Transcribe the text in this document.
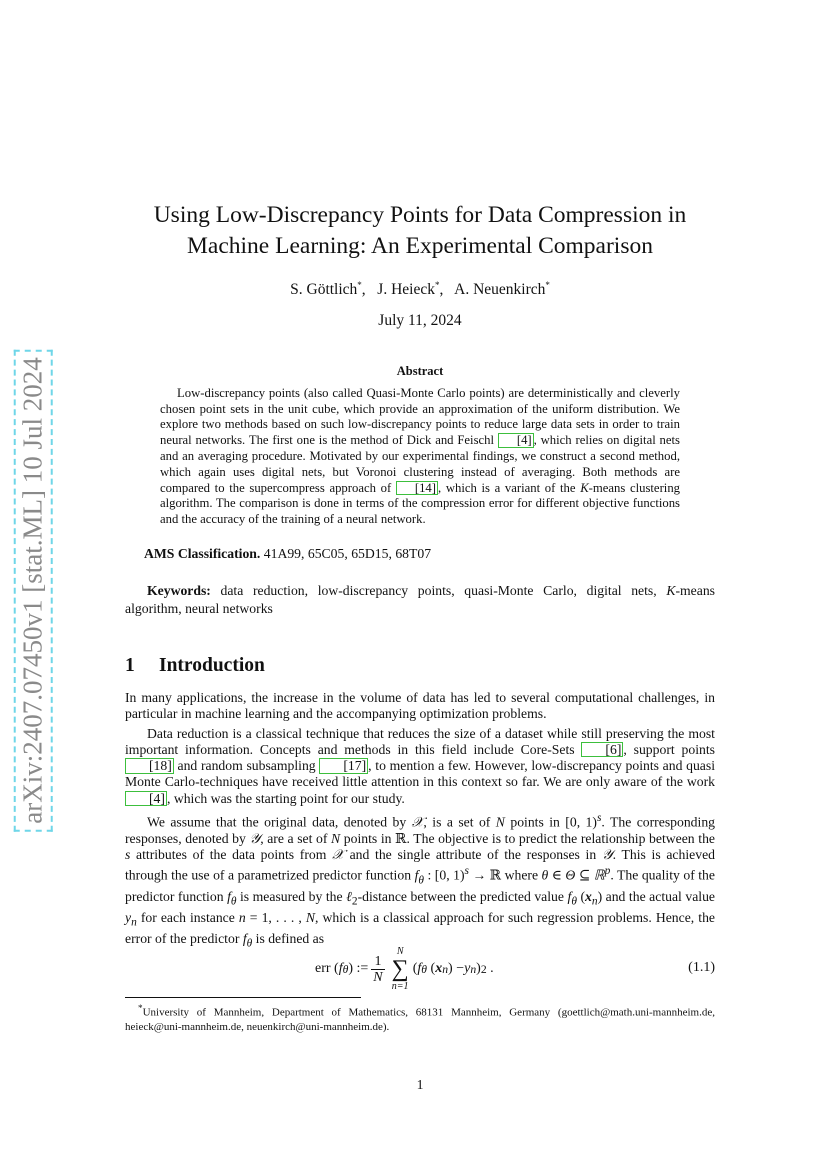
arXiv:2407.07450v1 [stat.ML] 10 Jul 2024
Using Low-Discrepancy Points for Data Compression in Machine Learning: An Experimental Comparison
S. Göttlich*,   J. Heieck*,   A. Neuenkirch*
July 11, 2024
Abstract

Low-discrepancy points (also called Quasi-Monte Carlo points) are deterministically and cleverly chosen point sets in the unit cube, which provide an approximation of the uniform distribution. We explore two methods based on such low-discrepancy points to reduce large data sets in order to train neural networks. The first one is the method of Dick and Feischl [4] , which relies on digital nets and an averaging procedure. Motivated by our experimental findings, we construct a second method, which again uses digital nets, but Voronoi clustering instead of averaging. Both methods are compared to the supercompress approach of [14] , which is a variant of the K-means clustering algorithm. The comparison is done in terms of the compression error for different objective functions and the accuracy of the training of a neural network.

AMS Classification. 41A99, 65C05, 65D15, 68T07
Keywords: data reduction, low-discrepancy points, quasi-Monte Carlo, digital nets, K-means algorithm, neural networks
1 Introduction

In many applications, the increase in the volume of data has led to several computational challenges, in particular in machine learning and the accompanying optimization problems.

Data reduction is a classical technique that reduces the size of a dataset while still preserving the most important information. Concepts and methods in this field include Core-Sets [6] , support points [18] and random subsampling [17] , to mention a few. However, low-discrepancy points and quasi Monte Carlo-techniques have received little attention in this context so far. We are only aware of the work [4] , which was the starting point for our study.

We assume that the original data, denoted by 𝒳, is a set of N points in [0, 1)$^s$. The corresponding responses, denoted by 𝒴, are a set of N points in ℝ. The objective is to predict the relationship between the s attributes of the data points from 𝒳 and the single attribute of the responses in 𝒴. This is achieved through the use of a parametrized predictor function $f_\theta$ : [0, 1)$^s$ → ℝ where θ ∈ Θ ⊆ ℝ$^p$. The quality of the predictor function $f_\theta$ is measured by the ℓ$_2$-distance between the predicted value $f_\theta$ $(x_n)$ and the actual value $y_n$ for each instance n = 1, . . . , N, which is a classical approach for such regression problems. Hence, the error of the predictor $f_\theta$ is defined as

err ( f θ ) := $\frac{1}{N}$
N
∑
n=1
( f θ ( x n ) − y n ) 2
.	(1.1)
*University of Mannheim, Department of Mathematics, 68131 Mannheim, Germany (goettlich@math.uni-mannheim.de, heieck@uni-mannheim.de, neuenkirch@uni-mannheim.de).
1
